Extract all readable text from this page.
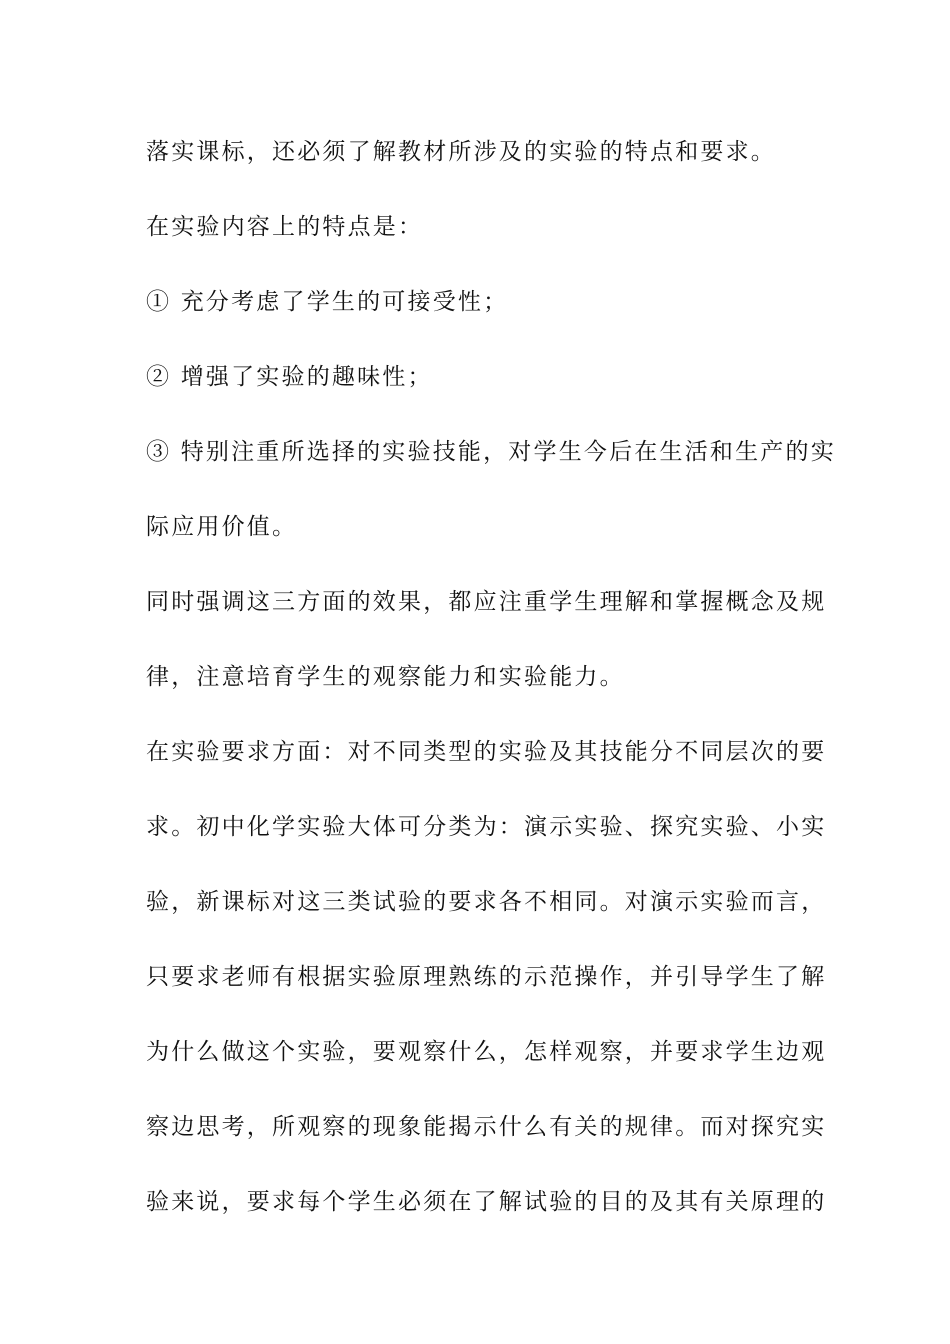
落实课标，还必须了解教材所涉及的实验的特点和要求。
在实验内容上的特点是：
① 充分考虑了学生的可接受性；
② 增强了实验的趣味性；
③ 特别注重所选择的实验技能，对学生今后在生活和生产的实
际应用价值。
同时强调这三方面的效果，都应注重学生理解和掌握概念及规
律，注意培育学生的观察能力和实验能力。
在实验要求方面：对不同类型的实验及其技能分不同层次的要
求。初中化学实验大体可分类为：演示实验、探究实验、小实
验，新课标对这三类试验的要求各不相同。对演示实验而言，
只要求老师有根据实验原理熟练的示范操作，并引导学生了解
为什么做这个实验，要观察什么，怎样观察，并要求学生边观
察边思考，所观察的现象能揭示什么有关的规律。而对探究实
验来说，要求每个学生必须在了解试验的目的及其有关原理的
